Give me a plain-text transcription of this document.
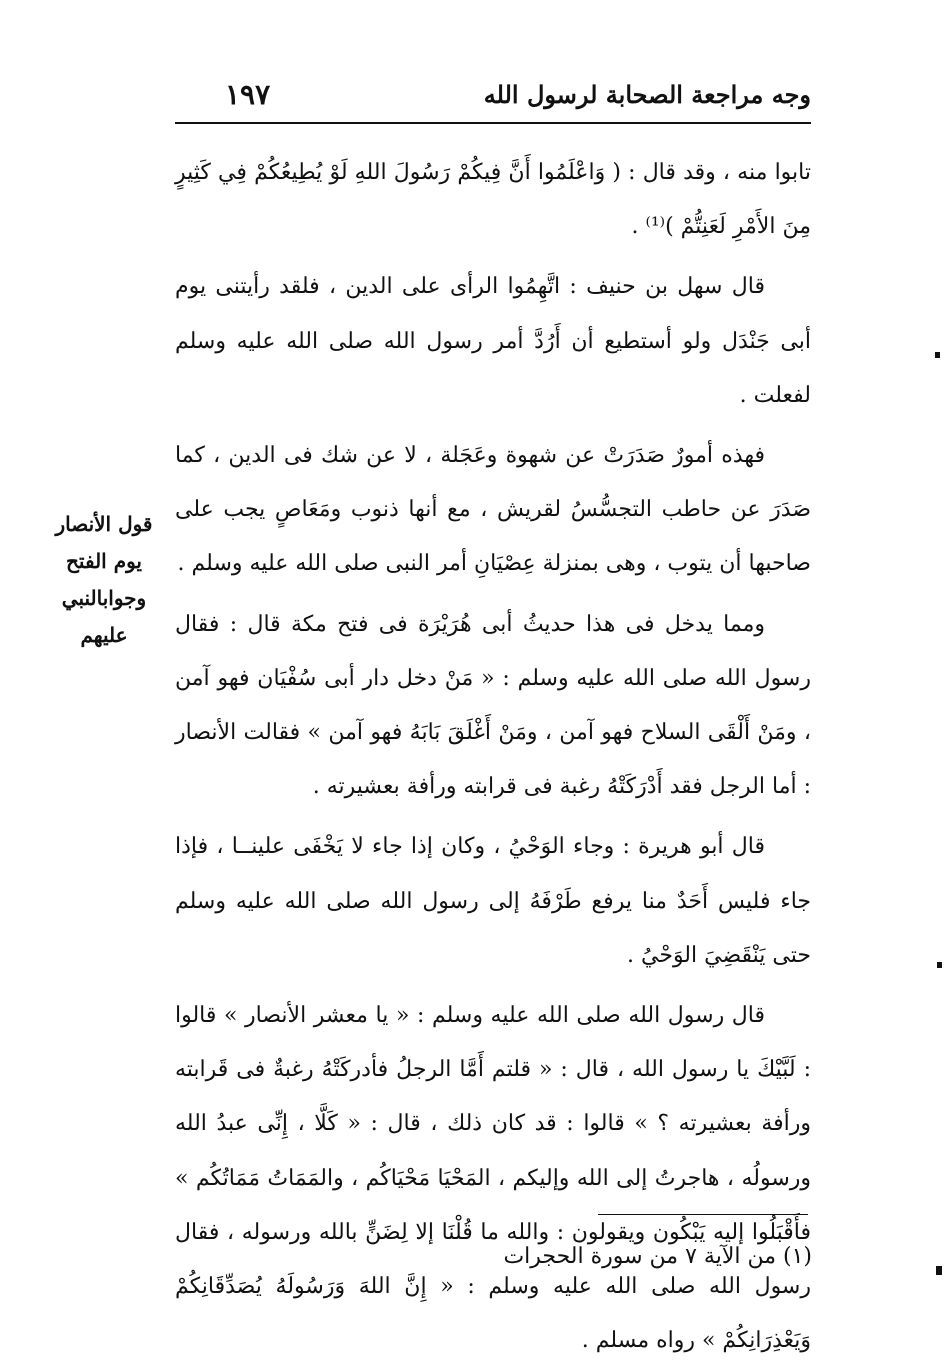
وجه مراجعة الصحابة لرسول الله
١٩٧
قول الأنصار
يوم الفتح
وجوابالنبي
عليهم

تابوا منه ، وقد قال : ( وَاعْلَمُوا أَنَّ فِيكُمْ رَسُولَ اللهِ لَوْ يُطِيعُكُمْ فِي كَثِيرٍ مِنَ الأَمْرِ لَعَنِتُّمْ )⁽¹⁾ .

قال سهل بن حنيف : اتَّهِمُوا الرأى على الدين ، فلقد رأيتنى يوم أبى جَنْدَل ولو أستطيع أن أَرُدَّ أمر رسول الله صلى الله عليه وسلم لفعلت .

فهذه أمورٌ صَدَرَتْ عن شهوة وعَجَلة ، لا عن شك فى الدين ، كما صَدَرَ عن حاطب التجسُّسُ لقريش ، مع أنها ذنوب ومَعَاصٍ يجب على صاحبها أن يتوب ، وهى بمنزلة عِصْيَانِ أمر النبى صلى الله عليه وسلم .

ومما يدخل فى هذا حديثُ أبى هُرَيْرَة فى فتح مكة قال : فقال رسول الله صلى الله عليه وسلم : « مَنْ دخل دار أبى سُفْيَان فهو آمن ، ومَنْ أَلْقَى السلاح فهو آمن ، ومَنْ أَغْلَقَ بَابَهُ فهو آمن » فقالت الأنصار : أما الرجل فقد أَدْرَكَتْهُ رغبة فى قرابته ورأفة بعشيرته .

قال أبو هريرة : وجاء الوَحْيُ ، وكان إذا جاء لا يَخْفَى علينــا ، فإذا جاء فليس أَحَدٌ منا يرفع طَرْفَهُ إلى رسول الله صلى الله عليه وسلم حتى يَنْقَضِيَ الوَحْيُ .

قال رسول الله صلى الله عليه وسلم : « يا معشر الأنصار » قالوا : لَبَّيْكَ يا رسول الله ، قال : « قلتم أَمَّا الرجلُ فأدركَتْهُ رغبةٌ فى قَرابته ورأفة بعشيرته ؟ » قالوا : قد كان ذلك ، قال : « كَلَّا ، إِنِّى عبدُ الله ورسولُه ، هاجرتُ إلى الله وإليكم ، المَحْيَا مَحْيَاكُم ، والمَمَاتُ مَمَاتُكُم » فأَقْبَلُوا إليه يَبْكُون ويقولون : والله ما قُلْنَا إلا لِضَنٍّ بالله ورسوله ، فقال رسول الله صلى الله عليه وسلم : « إِنَّ اللهَ وَرَسُولَهُ يُصَدِّقَانِكُمْ وَيَعْذِرَانِكُمْ » رواه مسلم .

(١) من الآية ٧ من سورة الحجرات
